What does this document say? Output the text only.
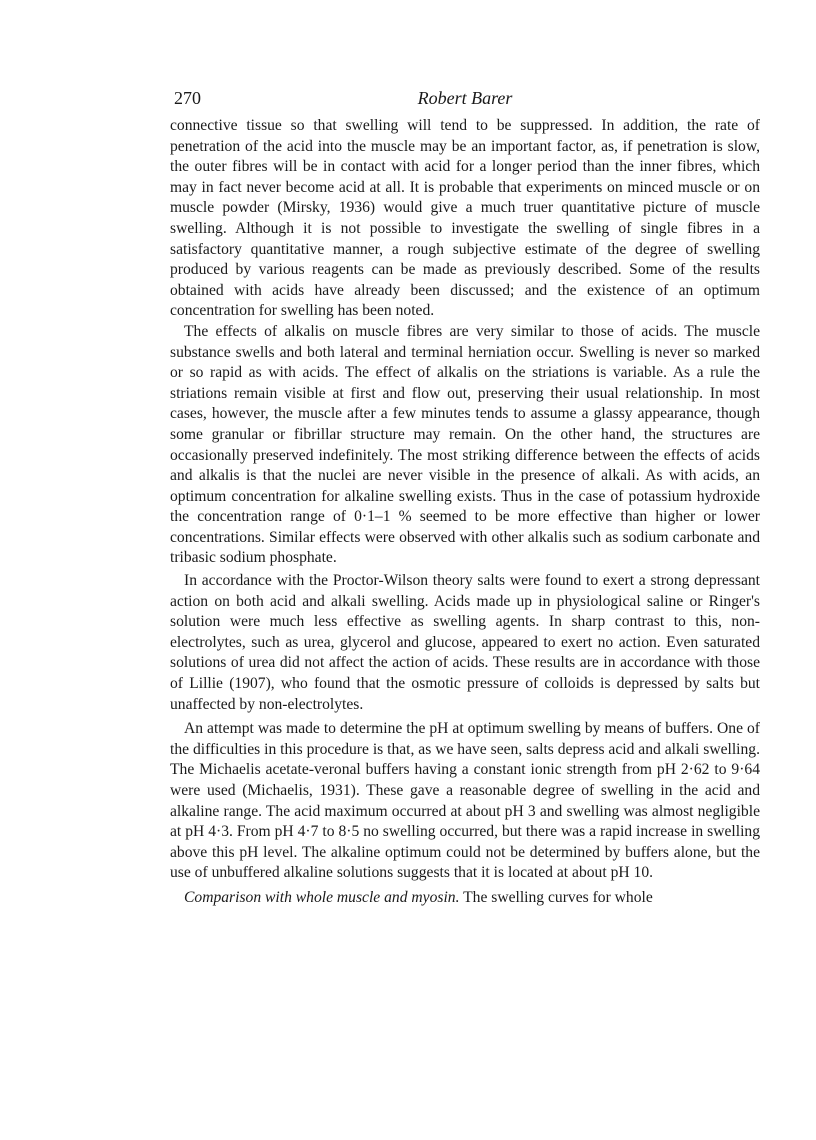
270	Robert Barer

connective tissue so that swelling will tend to be suppressed. In addition, the rate of penetration of the acid into the muscle may be an important factor, as, if penetration is slow, the outer fibres will be in contact with acid for a longer period than the inner fibres, which may in fact never become acid at all. It is probable that experiments on minced muscle or on muscle powder (Mirsky, 1936) would give a much truer quantitative picture of muscle swelling. Although it is not possible to investigate the swelling of single fibres in a satisfactory quantitative manner, a rough subjective estimate of the degree of swelling produced by various reagents can be made as previously described. Some of the results obtained with acids have already been discussed; and the existence of an optimum concentration for swelling has been noted.

The effects of alkalis on muscle fibres are very similar to those of acids. The muscle substance swells and both lateral and terminal herniation occur. Swelling is never so marked or so rapid as with acids. The effect of alkalis on the striations is variable. As a rule the striations remain visible at first and flow out, preserving their usual relationship. In most cases, however, the muscle after a few minutes tends to assume a glassy appearance, though some granular or fibrillar structure may remain. On the other hand, the structures are occasionally preserved indefinitely. The most striking difference between the effects of acids and alkalis is that the nuclei are never visible in the presence of alkali. As with acids, an optimum concentration for alkaline swelling exists. Thus in the case of potassium hydroxide the concentration range of 0·1–1 % seemed to be more effective than higher or lower concentrations. Similar effects were observed with other alkalis such as sodium carbonate and tribasic sodium phosphate.

In accordance with the Proctor-Wilson theory salts were found to exert a strong depressant action on both acid and alkali swelling. Acids made up in physiological saline or Ringer's solution were much less effective as swelling agents. In sharp contrast to this, non-electrolytes, such as urea, glycerol and glucose, appeared to exert no action. Even saturated solutions of urea did not affect the action of acids. These results are in accordance with those of Lillie (1907), who found that the osmotic pressure of colloids is depressed by salts but unaffected by non-electrolytes.

An attempt was made to determine the pH at optimum swelling by means of buffers. One of the difficulties in this procedure is that, as we have seen, salts depress acid and alkali swelling. The Michaelis acetate-veronal buffers having a constant ionic strength from pH 2·62 to 9·64 were used (Michaelis, 1931). These gave a reasonable degree of swelling in the acid and alkaline range. The acid maximum occurred at about pH 3 and swelling was almost negligible at pH 4·3. From pH 4·7 to 8·5 no swelling occurred, but there was a rapid increase in swelling above this pH level. The alkaline optimum could not be determined by buffers alone, but the use of unbuffered alkaline solutions suggests that it is located at about pH 10.

Comparison with whole muscle and myosin. The swelling curves for whole
